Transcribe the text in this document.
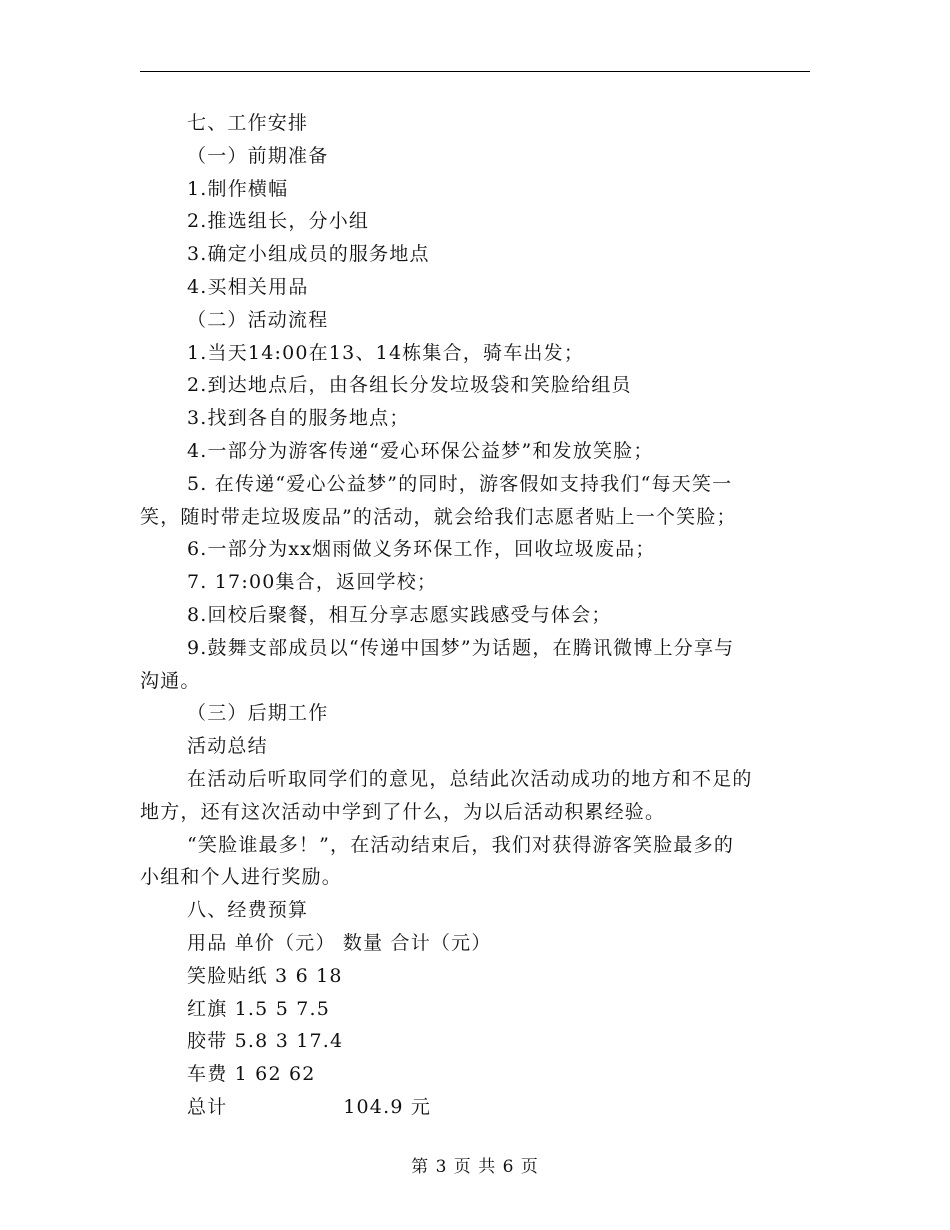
七、工作安排
（一）前期准备
1.制作横幅
2.推选组长，分小组
3.确定小组成员的服务地点
4.买相关用品
（二）活动流程
1.当天14:00在13、14栋集合，骑车出发；
2.到达地点后，由各组长分发垃圾袋和笑脸给组员
3.找到各自的服务地点；
4.一部分为游客传递“爱心环保公益梦”和发放笑脸；
5. 在传递“爱心公益梦”的同时，游客假如支持我们“每天笑一
笑，随时带走垃圾废品”的活动，就会给我们志愿者贴上一个笑脸；
6.一部分为xx烟雨做义务环保工作，回收垃圾废品；
7. 17:00集合，返回学校；
8.回校后聚餐，相互分享志愿实践感受与体会；
9.鼓舞支部成员以“传递中国梦”为话题，在腾讯微博上分享与
沟通。
（三）后期工作
活动总结
在活动后听取同学们的意见，总结此次活动成功的地方和不足的
地方，还有这次活动中学到了什么，为以后活动积累经验。
“笑脸谁最多！”，在活动结束后，我们对获得游客笑脸最多的
小组和个人进行奖励。
八、经费预算
用品 单价（元） 数量 合计（元）
笑脸贴纸 3 6 18
红旗 1.5 5 7.5
胶带 5.8 3 17.4
车费 1 62 62
总计                104.9 元
第 3 页 共 6 页
